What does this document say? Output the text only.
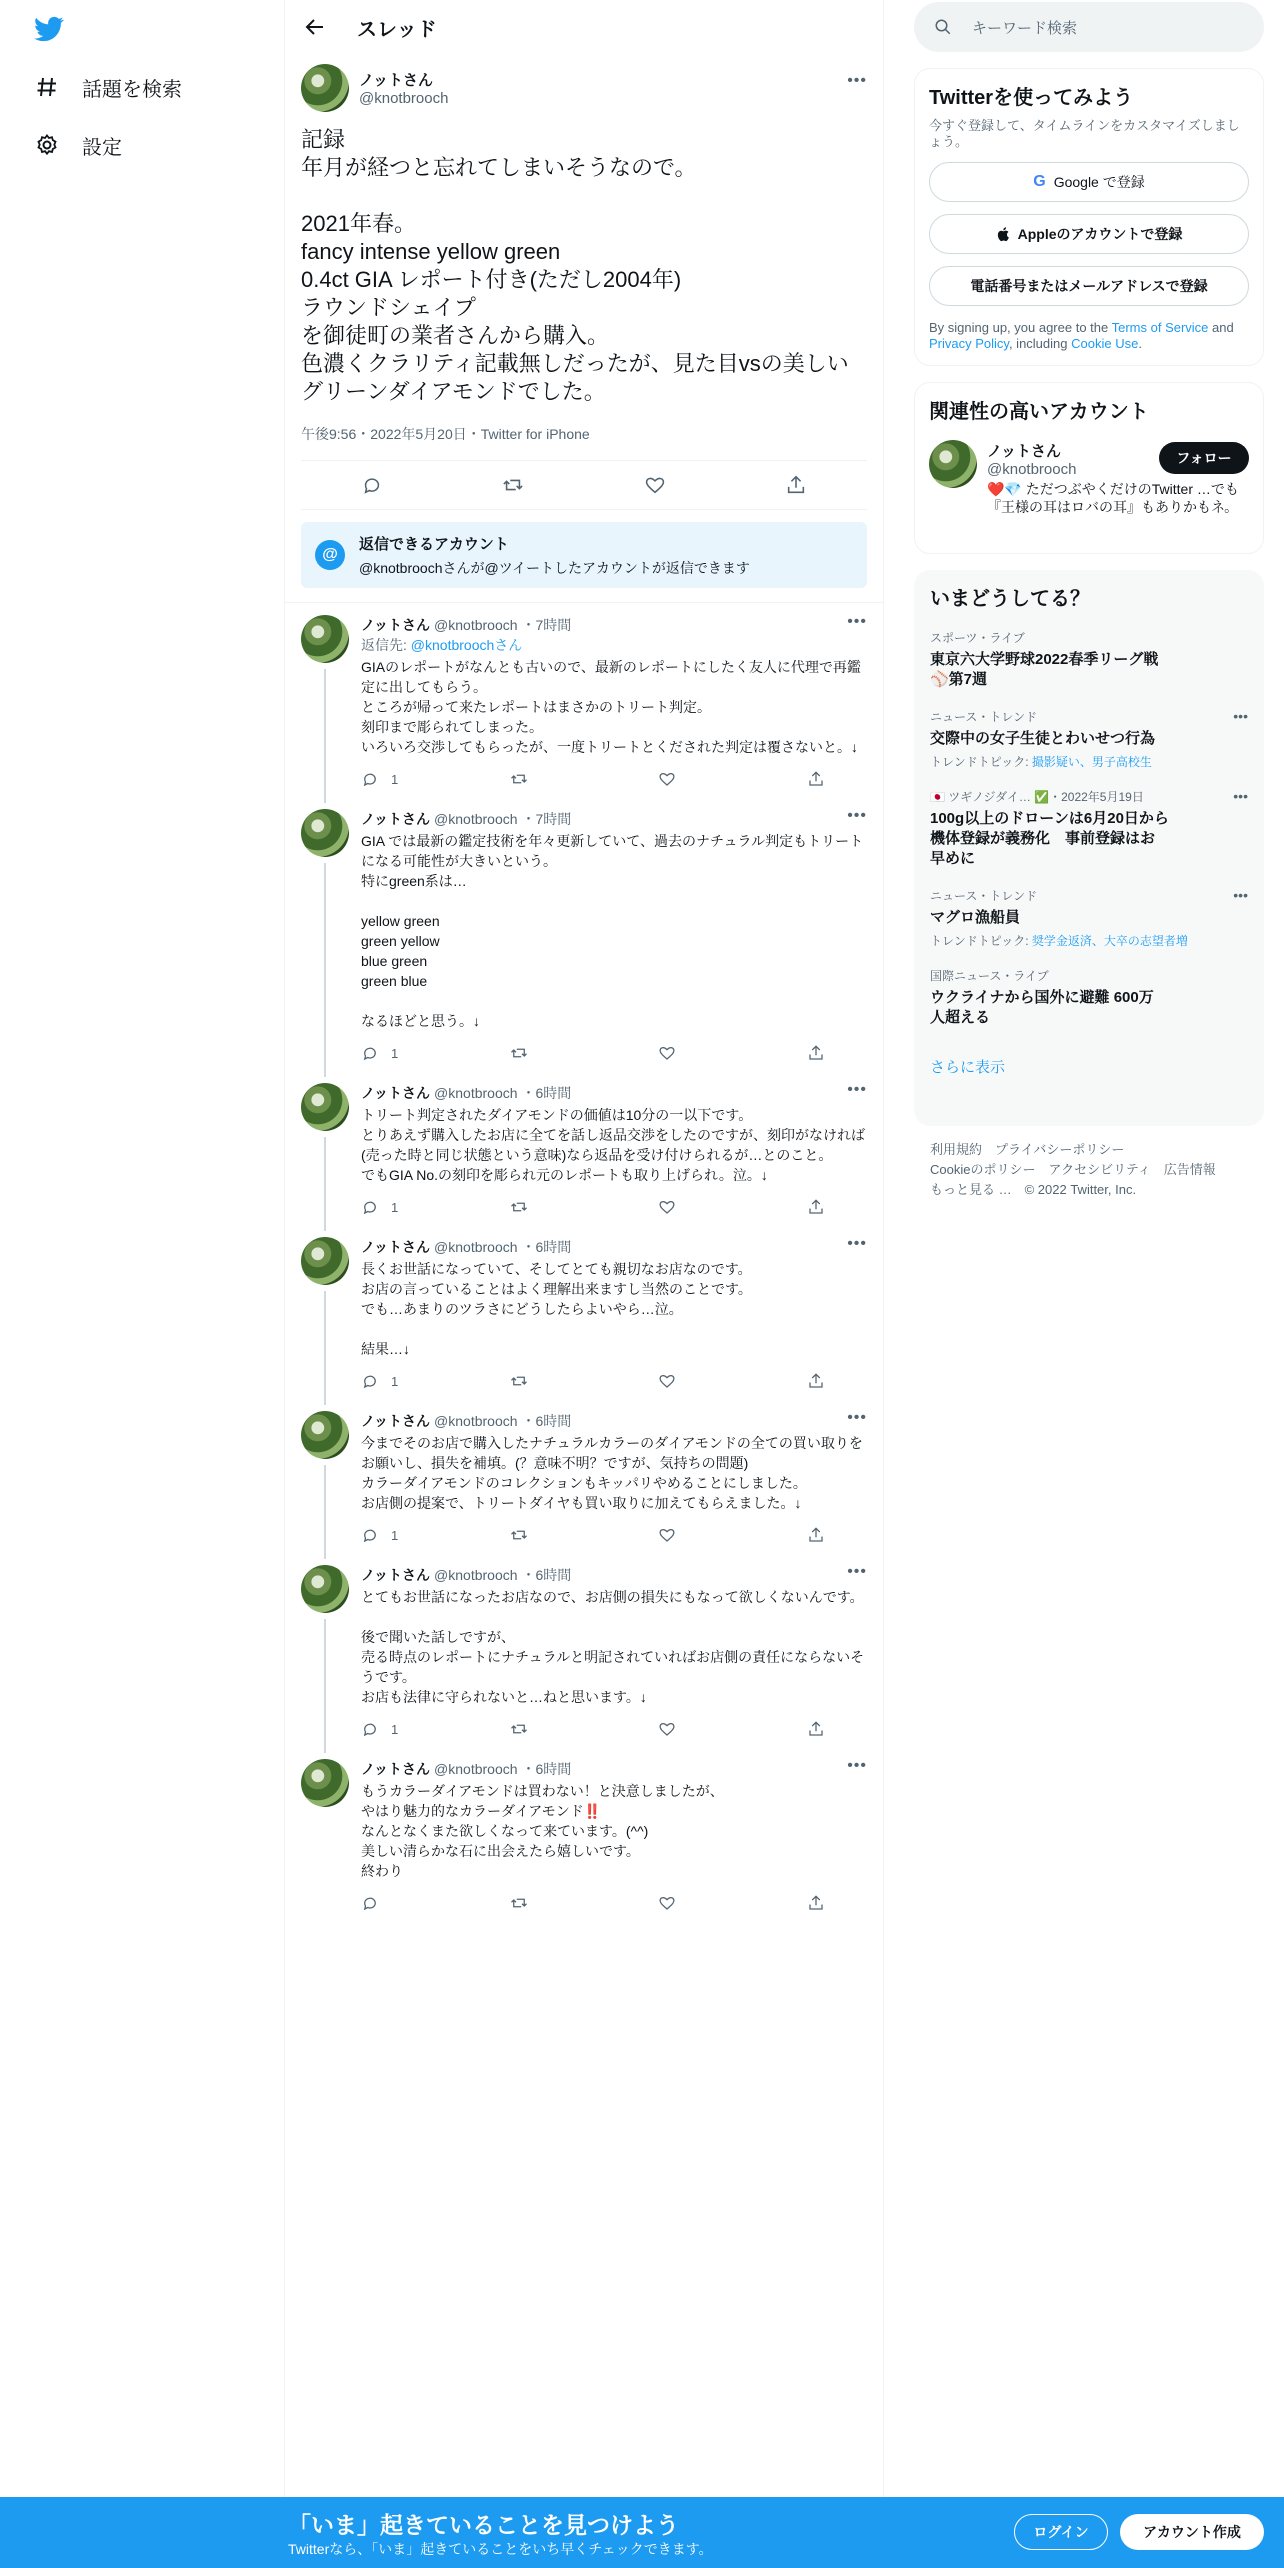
話題を検索
設定
スレッド
ノットさん
@knotbrooch
•••
記録
年月が経つと忘れてしまいそうなので。

2021年春。
fancy intense yellow green
0.4ct GIA レポート付き(ただし2004年)
ラウンドシェイプ
を御徒町の業者さんから購入。
色濃くクラリティ記載無しだったが、見た目vsの美しいグリーンダイアモンドでした。
午後9:56・2022年5月20日・Twitter for iPhone
@
返信できるアカウント
@knotbroochさんが@ツイートしたアカウントが返信できます
ノットさん @knotbrooch ・7時間	•••
返信先: @knotbroochさん
GIAのレポートがなんとも古いので、最新のレポートにしたく友人に代理で再鑑定に出してもらう。
ところが帰って来たレポートはまさかのトリート判定。
刻印まで彫られてしまった。
いろいろ交渉してもらったが、一度トリートとくだされた判定は覆さないと。↓
1
ノットさん @knotbrooch ・7時間	•••
GIA では最新の鑑定技術を年々更新していて、過去のナチュラル判定もトリートになる可能性が大きいという。
特にgreen系は…

yellow green
green yellow
blue green
green blue

なるほどと思う。↓
1
ノットさん @knotbrooch ・6時間	•••
トリート判定されたダイアモンドの価値は10分の一以下です。
とりあえず購入したお店に全てを話し返品交渉をしたのですが、刻印がなければ(売った時と同じ状態という意味)なら返品を受け付けられるが…とのこと。
でもGIA No.の刻印を彫られ元のレポートも取り上げられ。泣。↓
1
ノットさん @knotbrooch ・6時間	•••
長くお世話になっていて、そしてとても親切なお店なのです。
お店の言っていることはよく理解出来ますし当然のことです。
でも…あまりのツラさにどうしたらよいやら…泣。

結果…↓
1
ノットさん @knotbrooch ・6時間	•••
今までそのお店で購入したナチュラルカラーのダイアモンドの全ての買い取りをお願いし、損失を補填。(？意味不明？ですが、気持ちの問題)
カラーダイアモンドのコレクションもキッパリやめることにしました。
お店側の提案で、トリートダイヤも買い取りに加えてもらえました。↓
1
ノットさん @knotbrooch ・6時間	•••
とてもお世話になったお店なので、お店側の損失にもなって欲しくないんです。

後で聞いた話しですが、
売る時点のレポートにナチュラルと明記されていればお店側の責任にならないそうです。
お店も法律に守られないと…ねと思います。↓
1
ノットさん @knotbrooch ・6時間	•••
もうカラーダイアモンドは買わない！と決意しましたが、
やはり魅力的なカラーダイアモンド‼️
なんとなくまた欲しくなって来ています。(^^)
美しい清らかな石に出会えたら嬉しいです。
終わり
キーワード検索
Twitterを使ってみよう
今すぐ登録して、タイムラインをカスタマイズしましょう。
G Google で登録
Appleのアカウントで登録
電話番号またはメールアドレスで登録
By signing up, you agree to the Terms of Service and Privacy Policy, including Cookie Use.
関連性の高いアカウント
ノットさん
@knotbrooch
❤️💎 ただつぶやくだけのTwitter …でも『王様の耳はロバの耳』もありかもネ。
フォロー
いまどうしてる？
スポーツ・ライブ
東京六大学野球2022春季リーグ戦
⚾第7週
ニュース・トレンド
交際中の女子生徒とわいせつ行為
トレンドトピック: 撮影疑い、男子高校生
•••
🇯🇵 ツギノジダイ… ✅・2022年5月19日
100g以上のドローンは6月20日から
機体登録が義務化　事前登録はお
早めに
•••
ニュース・トレンド
マグロ漁船員
トレンドトピック: 奨学金返済、大卒の志望者増
•••
国際ニュース・ライブ
ウクライナから国外に避難 600万
人超える
さらに表示
利用規約　プライバシーポリシー
Cookieのポリシー　アクセシビリティ　広告情報
もっと見る …　© 2022 Twitter, Inc.
「いま」起きていることを見つけよう
Twitterなら、「いま」起きていることをいち早くチェックできます。
ログイン	アカウント作成
